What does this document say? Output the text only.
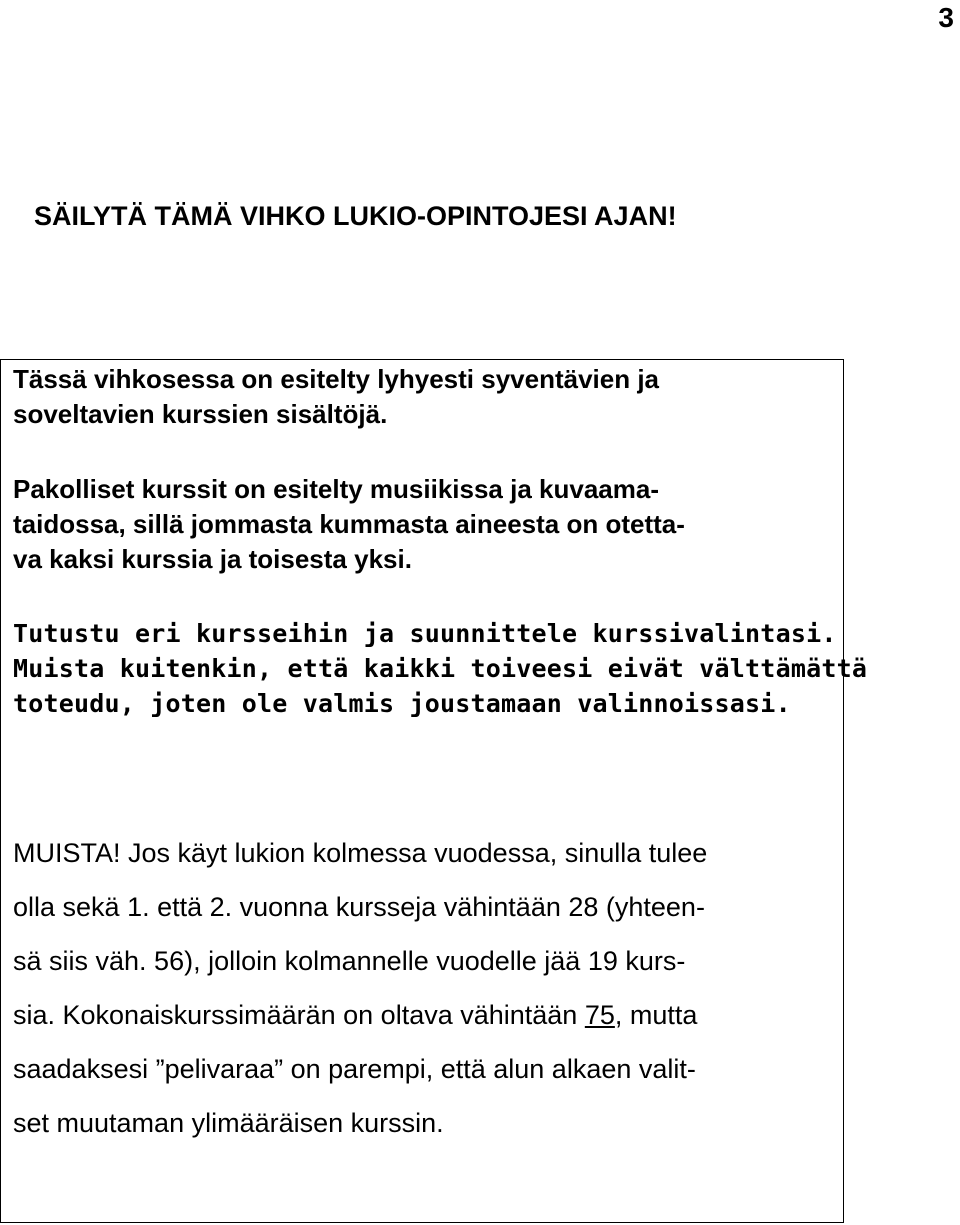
3
SÄILYTÄ TÄMÄ VIHKO LUKIO-OPINTOJESI AJAN!
Tässä vihkosessa on esitelty lyhyesti syventävien ja
soveltavien kurssien sisältöjä.
Pakolliset kurssit on esitelty musiikissa ja kuvaama-
taidossa, sillä jommasta kummasta aineesta on otetta-
va kaksi kurssia ja toisesta yksi.
Tutustu eri kursseihin ja suunnittele kurssivalintasi.
Muista kuitenkin, että kaikki toiveesi eivät välttämättä
toteudu, joten ole valmis joustamaan valinnoissasi.
MUISTA! Jos käyt lukion kolmessa vuodessa, sinulla tulee
olla sekä 1. että 2. vuonna kursseja vähintään 28 (yhteen-
sä siis väh. 56), jolloin kolmannelle vuodelle jää 19 kurs-
sia. Kokonaiskurssimäärän on oltava vähintään 75, mutta
saadaksesi ”pelivaraa” on parempi, että alun alkaen valit-
set muutaman ylimääräisen kurssin.
